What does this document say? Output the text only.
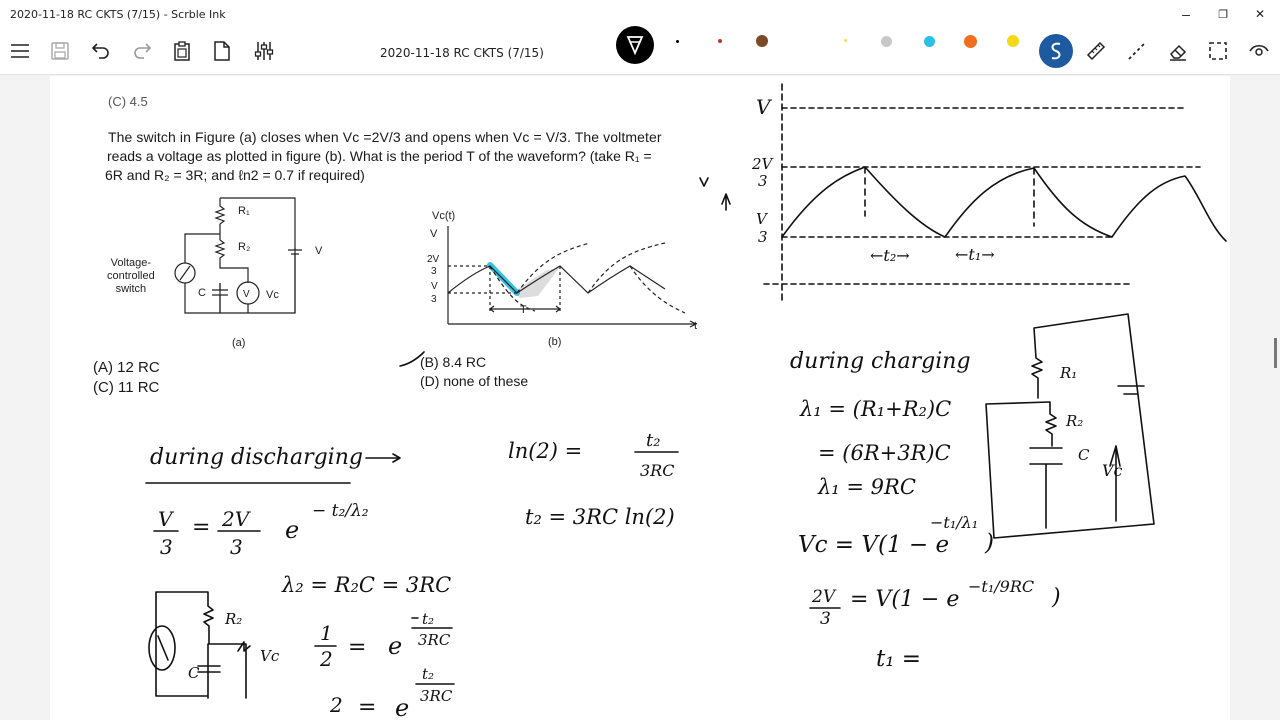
2020-11-18 RC CKTS (7/15) - Scrble Ink	–	❐	✕
2020-11-18 RC CKTS (7/15)
(C) 4.5
The switch in Figure (a) closes when Vc =2V/3 and opens when Vc = V/3. The voltmeter
reads a voltage as plotted in figure (b). What is the period T of the waveform? (take R₁ =
6R and R₂ = 3R; and ℓn2 = 0.7 if required)
(A) 12 RC
(C) 11 RC
(B) 8.4 RC
(D) none of these
R₁
R₂
C	V Vc
V
(a)
Voltage-
controlled
switch
Vc(t)
V
2V
3
V
3
T
t
(b)
during discharging
V
3
= 2V
3
e
− t₂/λ₂
λ₂ = R₂C = 3RC
1
2 = e
t₂
3RC
2 = e
t₂
3RC
ln(2) =	t₂
3RC
t₂ = 3RC ln(2)
R₂
Vc
C
V
2V
3
V
3
←t₂→	←t₁→
during charging
λ₁ = (R₁+R₂)C
= (6R+3R)C
λ₁ = 9RC
Vc = V(1 − e
−t₁/λ₁
)
2V
3
= V(1 − e
−t₁/9RC )
t₁ =
R₁
R₂
C
Vc
